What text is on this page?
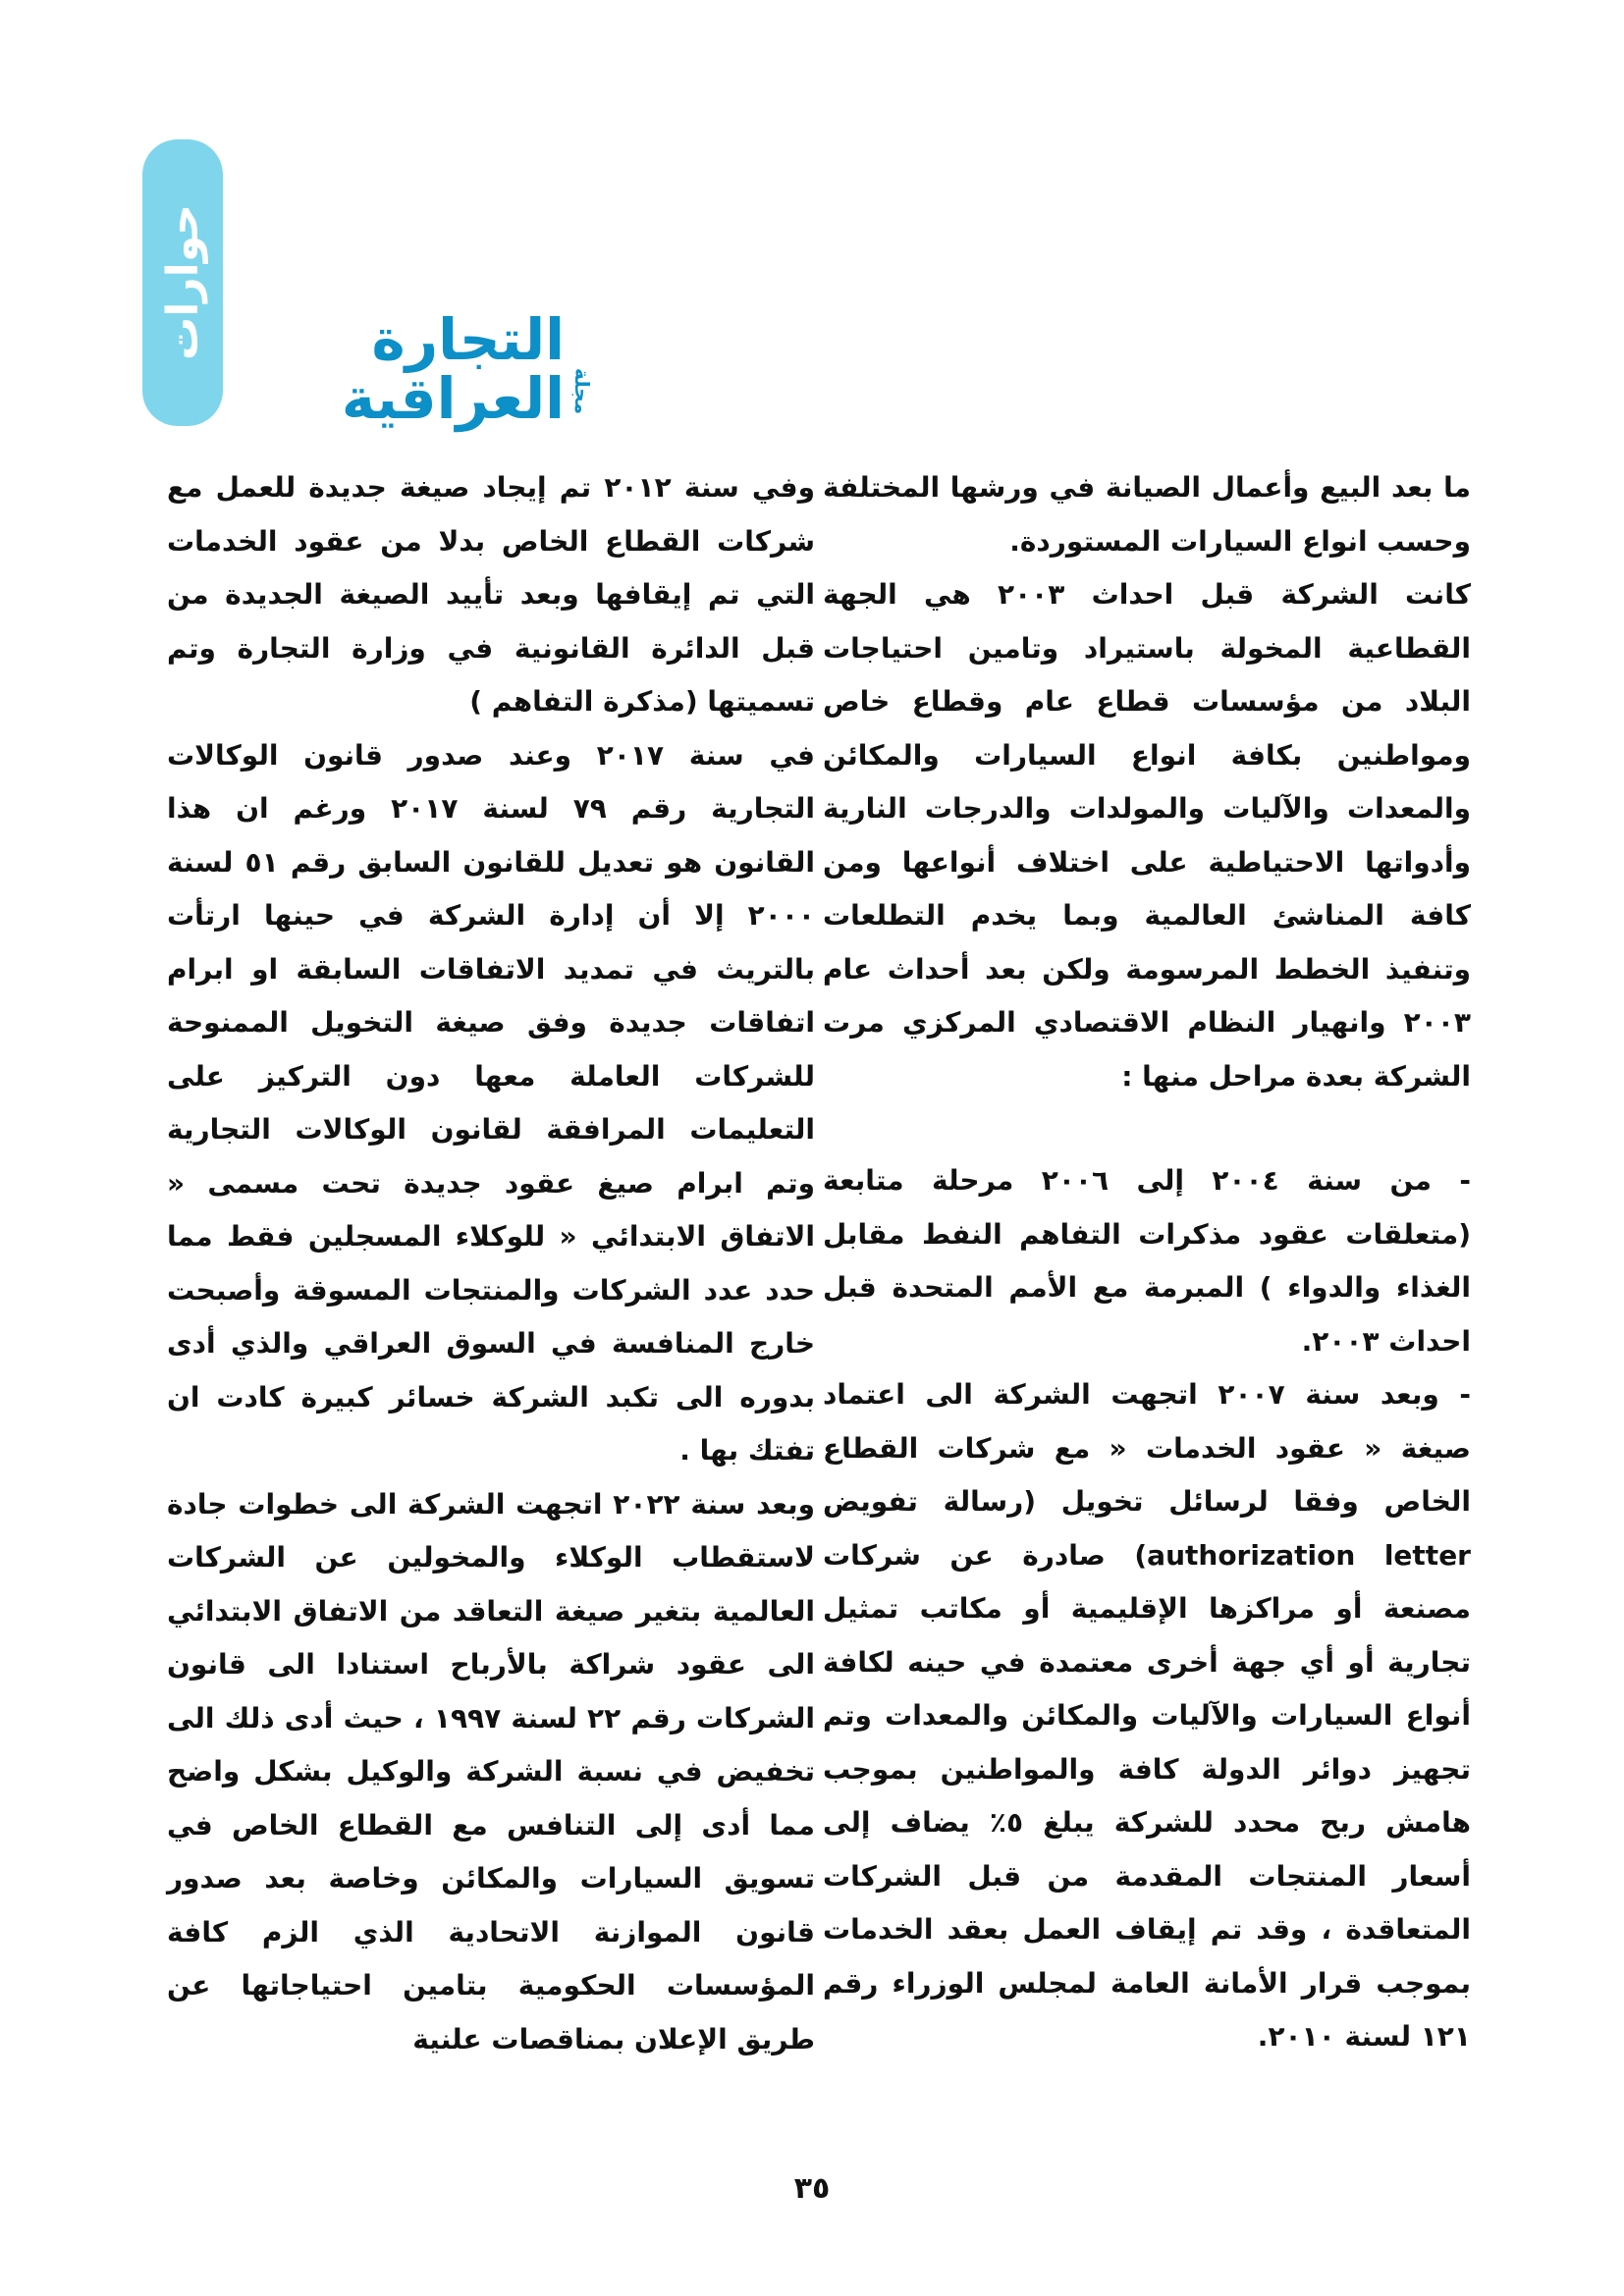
حوارات
مجلة
التجارة العراقية

ما بعد البيع وأعمال الصيانة في ورشها المختلفة وحسب انواع السيارات المستوردة.

كانت الشركة قبل احداث ٢٠٠٣ هي الجهة القطاعية المخولة باستيراد وتامين احتياجات البلاد من مؤسسات قطاع عام وقطاع خاص ومواطنين بكافة انواع السيارات والمكائن والمعدات والآليات والمولدات والدرجات النارية وأدواتها الاحتياطية على اختلاف أنواعها ومن كافة المناشئ العالمية وبما يخدم التطلعات وتنفيذ الخطط المرسومة ولكن بعد أحداث عام ٢٠٠٣ وانهيار النظام الاقتصادي المركزي مرت الشركة بعدة مراحل منها :

- من سنة ٢٠٠٤ إلى ٢٠٠٦ مرحلة متابعة (متعلقات عقود مذكرات التفاهم النفط مقابل الغذاء والدواء ) المبرمة مع الأمم المتحدة قبل احداث ٢٠٠٣.

- وبعد سنة ٢٠٠٧ اتجهت الشركة الى اعتماد صيغة « عقود الخدمات « مع شركات القطاع الخاص وفقا لرسائل تخويل (رسالة تفويض authorization letter) صادرة عن شركات مصنعة أو مراكزها الإقليمية أو مكاتب تمثيل تجارية أو أي جهة أخرى معتمدة في حينه لكافة أنواع السيارات والآليات والمكائن والمعدات وتم تجهيز دوائر الدولة كافة والمواطنين بموجب هامش ربح محدد للشركة يبلغ ٥٪ يضاف إلى أسعار المنتجات المقدمة من قبل الشركات المتعاقدة ، وقد تم إيقاف العمل بعقد الخدمات بموجب قرار الأمانة العامة لمجلس الوزراء رقم ١٢١ لسنة ٢٠١٠.

وفي سنة ٢٠١٢ تم إيجاد صيغة جديدة للعمل مع شركات القطاع الخاص بدلا من عقود الخدمات التي تم إيقافها وبعد تأييد الصيغة الجديدة من قبل الدائرة القانونية في وزارة التجارة وتم تسميتها (مذكرة التفاهم )

في سنة ٢٠١٧ وعند صدور قانون الوكالات التجارية رقم ٧٩ لسنة ٢٠١٧ ورغم ان هذا القانون هو تعديل للقانون السابق رقم ٥١ لسنة ٢٠٠٠ إلا أن إدارة الشركة في حينها ارتأت بالتريث في تمديد الاتفاقات السابقة او ابرام اتفاقات جديدة وفق صيغة التخويل الممنوحة للشركات العاملة معها دون التركيز على التعليمات المرافقة لقانون الوكالات التجارية وتم ابرام صيغ عقود جديدة تحت مسمى « الاتفاق الابتدائي « للوكلاء المسجلين فقط مما حدد عدد الشركات والمنتجات المسوقة وأصبحت خارج المنافسة في السوق العراقي والذي أدى بدوره الى تكبد الشركة خسائر كبيرة كادت ان تفتك بها .

وبعد سنة ٢٠٢٢ اتجهت الشركة الى خطوات جادة لاستقطاب الوكلاء والمخولين عن الشركات العالمية بتغير صيغة التعاقد من الاتفاق الابتدائي الى عقود شراكة بالأرباح استنادا الى قانون الشركات رقم ٢٢ لسنة ١٩٩٧ ، حيث أدى ذلك الى تخفيض في نسبة الشركة والوكيل بشكل واضح مما أدى إلى التنافس مع القطاع الخاص في تسويق السيارات والمكائن وخاصة بعد صدور قانون الموازنة الاتحادية الذي الزم كافة المؤسسات الحكومية بتامين احتياجاتها عن طريق الإعلان بمناقصات علنية

٣٥
